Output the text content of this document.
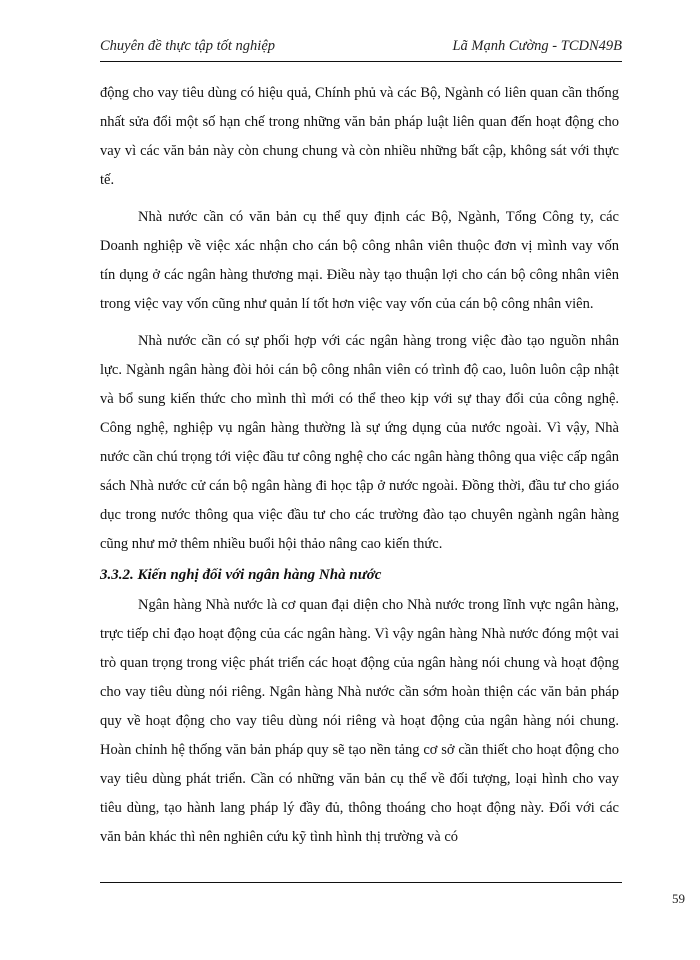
Chuyên đề thực tập tốt nghiệp	Lã Mạnh Cường - TCDN49B

động cho vay tiêu dùng có hiệu quả, Chính phủ và các Bộ, Ngành có liên quan cần thống nhất sửa đổi một số hạn chế trong những văn bản pháp luật liên quan đến hoạt động cho vay vì các văn bản này còn chung chung và còn nhiều những bất cập, không sát với thực tế.

Nhà nước cần có văn bản cụ thể quy định các Bộ, Ngành, Tổng Công ty, các Doanh nghiệp về việc xác nhận cho cán bộ công nhân viên thuộc đơn vị mình vay vốn tín dụng ở các ngân hàng thương mại. Điều này tạo thuận lợi cho cán bộ công nhân viên trong việc vay vốn cũng như quản lí tốt hơn việc vay vốn của cán bộ công nhân viên.

Nhà nước cần có sự phối hợp với các ngân hàng trong việc đào tạo nguồn nhân lực. Ngành ngân hàng đòi hỏi cán bộ công nhân viên có trình độ cao, luôn luôn cập nhật và bổ sung kiến thức cho mình thì mới có thể theo kịp với sự thay đổi của công nghệ. Công nghệ, nghiệp vụ ngân hàng thường là sự ứng dụng của nước ngoài. Vì vậy, Nhà nước cần chú trọng tới việc đầu tư công nghệ cho các ngân hàng thông qua việc cấp ngân sách Nhà nước cử cán bộ ngân hàng đi học tập ở nước ngoài. Đồng thời, đầu tư cho giáo dục trong nước thông qua việc đầu tư cho các trường đào tạo chuyên ngành ngân hàng cũng như mở thêm nhiều buổi hội thảo nâng cao kiến thức.

3.3.2. Kiến nghị đối với ngân hàng Nhà nước

Ngân hàng Nhà nước là cơ quan đại diện cho Nhà nước trong lĩnh vực ngân hàng, trực tiếp chỉ đạo hoạt động của các ngân hàng. Vì vậy ngân hàng Nhà nước đóng một vai trò quan trọng trong việc phát triển các hoạt động của ngân hàng nói chung và hoạt động cho vay tiêu dùng nói riêng. Ngân hàng Nhà nước cần sớm hoàn thiện các văn bản pháp quy về hoạt động cho vay tiêu dùng nói riêng và hoạt động của ngân hàng nói chung. Hoàn chỉnh hệ thống văn bản pháp quy sẽ tạo nền tảng cơ sở cần thiết cho hoạt động cho vay tiêu dùng phát triển. Cần có những văn bản cụ thể về đối tượng, loại hình cho vay tiêu dùng, tạo hành lang pháp lý đầy đủ, thông thoáng cho hoạt động này. Đối với các văn bản khác thì nên nghiên cứu kỹ tình hình thị trường và có

59
